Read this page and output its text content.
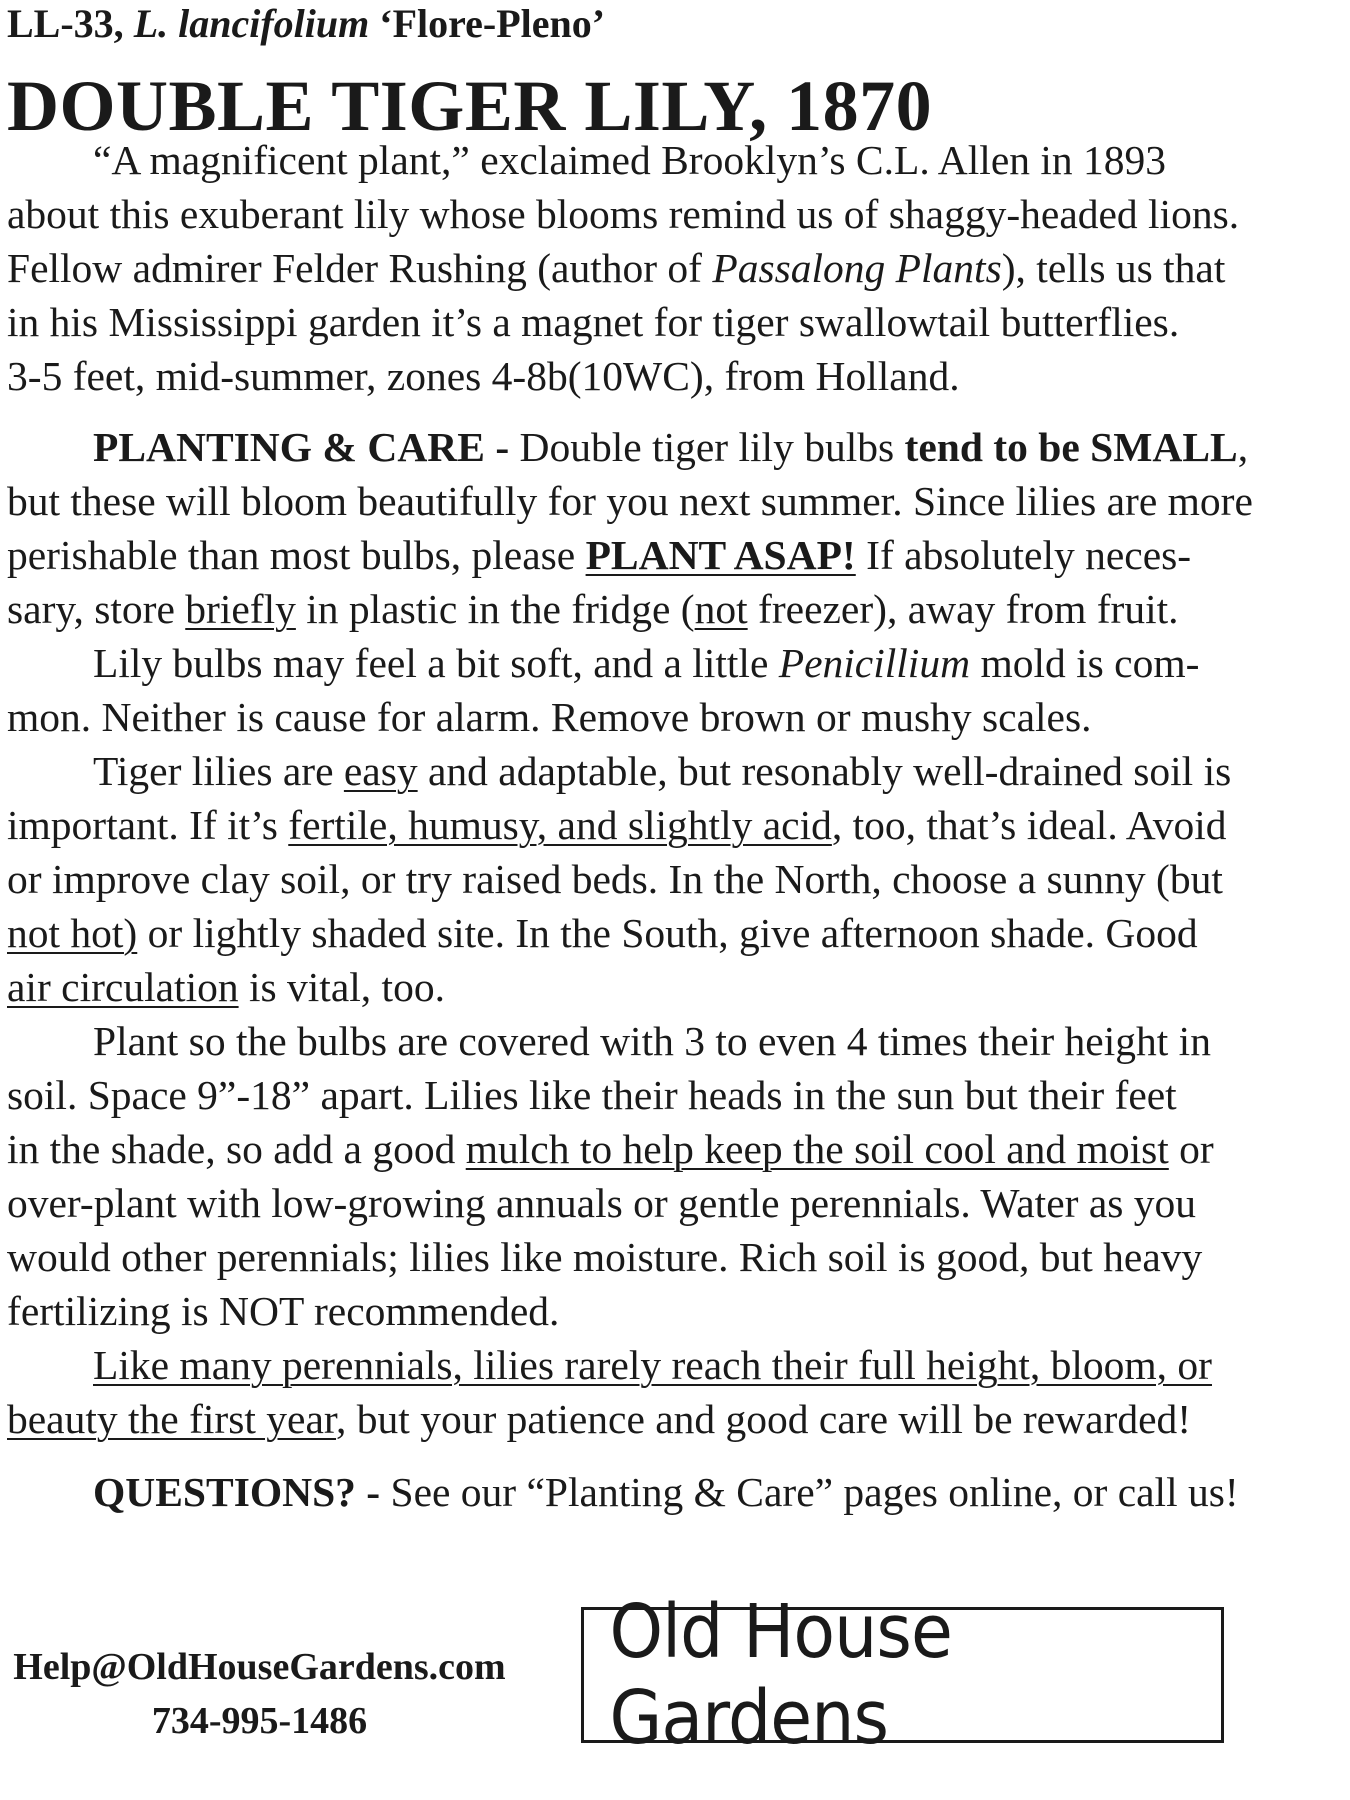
LL-33, L. lancifolium ‘Flore-Pleno’
DOUBLE TIGER LILY, 1870
“A magnificent plant,” exclaimed Brooklyn’s C.L. Allen in 1893
about this exuberant lily whose blooms remind us of shaggy-headed lions.
Fellow admirer Felder Rushing (author of Passalong Plants), tells us that
in his Mississippi garden it’s a magnet for tiger swallowtail butterflies.
3-5 feet, mid-summer, zones 4-8b(10WC), from Holland.
PLANTING & CARE - Double tiger lily bulbs tend to be SMALL,
but these will bloom beautifully for you next summer. Since lilies are more
perishable than most bulbs, please PLANT ASAP! If absolutely neces-
sary, store briefly in plastic in the fridge (not freezer), away from fruit.
Lily bulbs may feel a bit soft, and a little Penicillium mold is com-
mon. Neither is cause for alarm. Remove brown or mushy scales.
Tiger lilies are easy and adaptable, but resonably well-drained soil is
important. If it’s fertile, humusy, and slightly acid, too, that’s ideal. Avoid
or improve clay soil, or try raised beds. In the North, choose a sunny (but
not hot) or lightly shaded site. In the South, give afternoon shade. Good
air circulation is vital, too.
Plant so the bulbs are covered with 3 to even 4 times their height in
soil. Space 9”-18” apart. Lilies like their heads in the sun but their feet
in the shade, so add a good mulch to help keep the soil cool and moist or
over-plant with low-growing annuals or gentle perennials. Water as you
would other perennials; lilies like moisture. Rich soil is good, but heavy
fertilizing is NOT recommended.
Like many perennials, lilies rarely reach their full height, bloom, or
beauty the first year, but your patience and good care will be rewarded!
QUESTIONS? - See our “Planting & Care” pages online, or call us!
Help@OldHouseGardens.com
734-995-1486
Old House Gardens
